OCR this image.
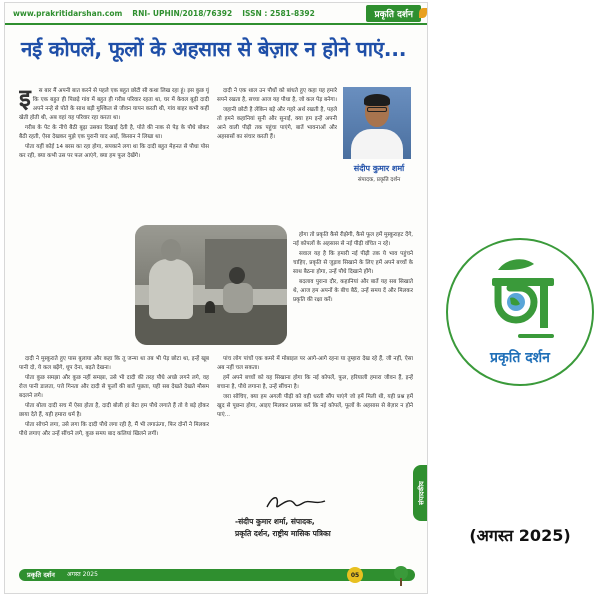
www.prakritidarshan.com RNI- UPHIN/2018/76392 ISSN : 2581-8392	प्रकृति दर्शन
नई कोपलें, फूलों के अहसास से बेज़ार न होने पाएं...
इ	स बार मैं अपनी बात करने से पहले एक बहुत छोटी सी कथा लिख रहा हूं। इस कुछ यूं कि एक बहुत ही पिछड़े गांव में बहुत ही गरीब परिवार रहता था, घर में केवल बूढ़ी दादी अपने नन्हे से पोते के साथ बड़ी मुश्किल से जीवन यापन करती थी, गांव बाहर कभी कहीं खेती होती थी, अब वहां यह परिवार रहा करता था।

गरीब के पेट के नीचे बैठी बूढ़ा उसका दिखाई देती है, पोते की नाक से पेड़ के पौधे बोकर बैठी रहती, ऐसा देखकर मुझे एक पुरानी याद आई, किसान ने लिखा था।

पोता यहीं कोई 14 बरस का रहा होगा, सपकाने लगा था कि दादी बहुत मेहनत से पौधा पोस कर रही, क्या कभी उस पर फल आएंगे, क्या हम फूल देखेंगे।

दादी ने एक थाल उन पौधों को बांधते हुए कहा यह हमारे सपने रखता है, सच्चा आज यह पौधा है, जो कल पेड़ बनेगा।

जहानी छोटी है लेकिन बड़े और गहरे अर्थ रखती है, पहले तो हमने कहानियां सुनी और सुनाईं, क्या हम इन्हें अपनी आने वाली पीढ़ी तक पहुंचा पाएंगे, बातें भावनाओं और अहसासों का संचार करती हैं।

संदीप कुमार शर्मा
संपादक, प्रकृति दर्शन

होगा तो प्रकृति कैसे रीझेगी, कैसे फूल हमें मुस्कुराहट देंगे, नई कोपलों के अहसास से नई पीढ़ी वंचित न रहे।

सवाल यह है कि हमारी नई पीढ़ी तक ये भाव पहुंचने चाहिए, प्रकृति से जुड़ाव सिखाने के लिए हमें अपने बच्चों के साथ बैठना होगा, उन्हें पौधे दिखाने होंगे।

बदलाव पुराना दौर, कहानियां और बातें यह सब सिखाते थे, आज हम अपनों के बीच बैठें, उन्हें समय दें और मिलकर प्रकृति की रक्षा करें।

दादी ने मुस्कुराते हुए पास बुलाया और कहा कि तू जन्मा था तब भी पेड़ छोटा था, इन्हें खूब पानी दो, ये कल बढ़ेंगे, धूप देना, बढ़ते देखना।

पोता कुछ समझा और कुछ नहीं समझा, उसे भी दादी की तरह पौधे अच्छे लगने लगे, वह रोज पानी डालता, पत्ते गिनता और दादी से फूलों की बातें पूछता, यही सब देखते देखते मौसम बदलने लगे।

पोता बोला दादी सच में ऐसा होता है, दादी बोली हां बेटा हम पौधे लगाते हैं तो वे बड़े होकर छाया देते हैं, यही हमारा धर्म है।

पोता सोचने लगा, उसे लगा कि दादी पौधे लगा रही है, मैं भी लगाऊंगा, फिर दोनों ने मिलकर पौधे लगाए और उन्हें सींचने लगे, कुछ समय बाद कलियां खिलने लगीं।

पांच लोग पांचों एक कमरे में मोबाइल पर आगे-आगे रहना या तुम्हारा देख रहे हैं, जी नहीं, ऐसा अब नहीं चल सकता।

हमें अपने बच्चों को यह सिखाना होगा कि नई कोपलें, फूल, हरियाली हमारा जीवन हैं, इन्हें बचाना है, पौधे लगाना है, उन्हें सींचना है।

जरा सोचिए, क्या हम अगली पीढ़ी को वही धरती सौंप पाएंगे जो हमें मिली थी, यही प्रश्न हमें खुद से पूछना होगा, आइए मिलकर प्रयास करें कि नई कोपलें, फूलों के अहसास से बेज़ार न होने पाएं...

-संदीप कुमार शर्मा, संपादक,
प्रकृति दर्शन, राष्ट्रीय मासिक पत्रिका
संपादकीय
प्रकृति दर्शन अगस्त 2025	05
प्रकृति दर्शन
(अगस्त 2025)
